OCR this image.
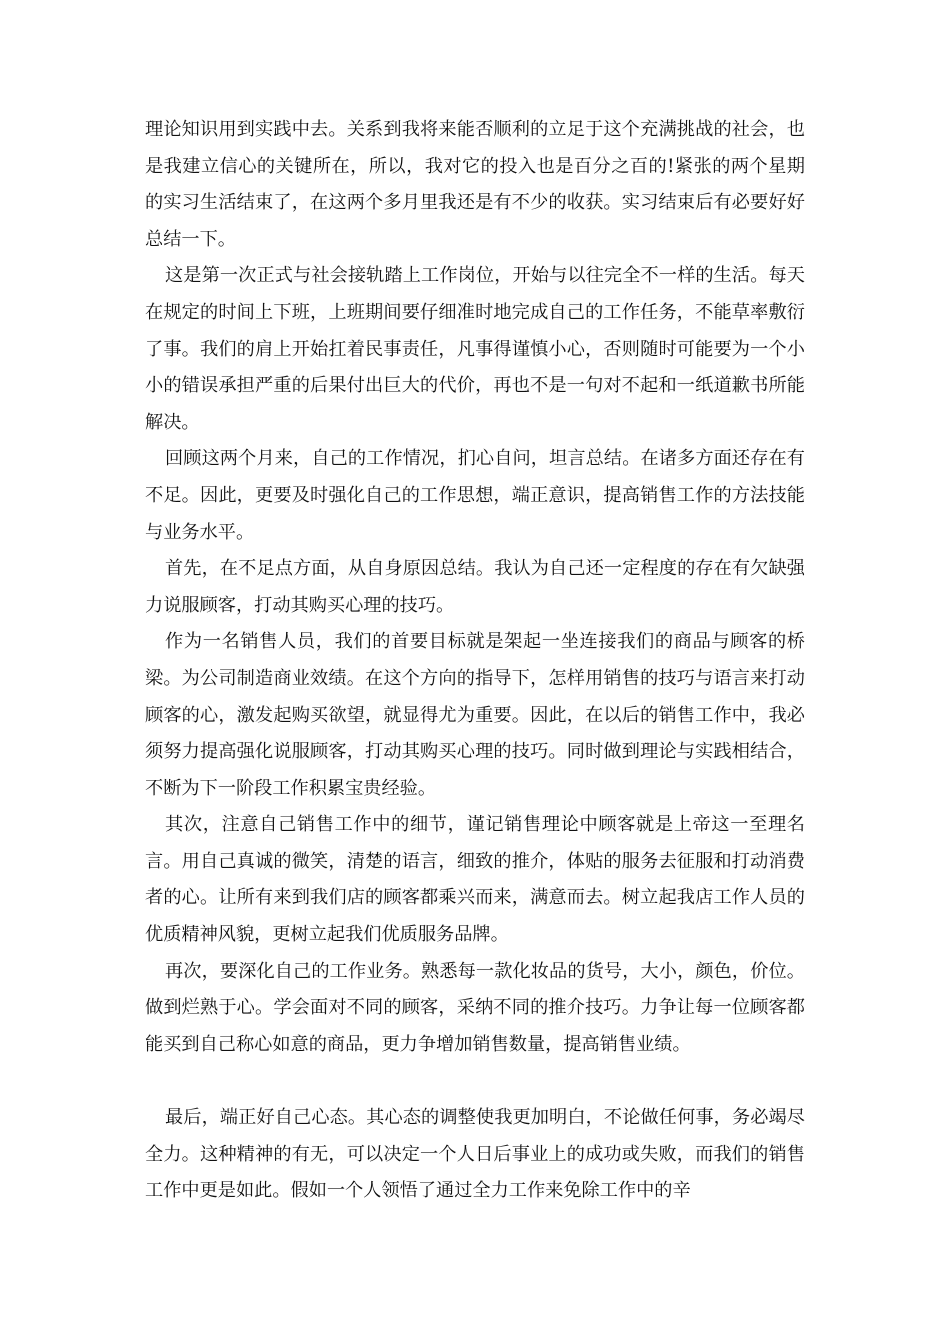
理论知识用到实践中去。关系到我将来能否顺利的立足于这个充满挑战的社会，也是我建立信心的关键所在，所以，我对它的投入也是百分之百的!紧张的两个星期的实习生活结束了，在这两个多月里我还是有不少的收获。实习结束后有必要好好总结一下。

这是第一次正式与社会接轨踏上工作岗位，开始与以往完全不一样的生活。每天在规定的时间上下班，上班期间要仔细准时地完成自己的工作任务，不能草率敷衍了事。我们的肩上开始扛着民事责任，凡事得谨慎小心，否则随时可能要为一个小小的错误承担严重的后果付出巨大的代价，再也不是一句对不起和一纸道歉书所能解决。

回顾这两个月来，自己的工作情况，扪心自问，坦言总结。在诸多方面还存在有不足。因此，更要及时强化自己的工作思想，端正意识，提高销售工作的方法技能与业务水平。

首先，在不足点方面，从自身原因总结。我认为自己还一定程度的存在有欠缺强力说服顾客，打动其购买心理的技巧。

作为一名销售人员，我们的首要目标就是架起一坐连接我们的商品与顾客的桥梁。为公司制造商业效绩。在这个方向的指导下，怎样用销售的技巧与语言来打动顾客的心，激发起购买欲望，就显得尤为重要。因此，在以后的销售工作中，我必须努力提高强化说服顾客，打动其购买心理的技巧。同时做到理论与实践相结合，不断为下一阶段工作积累宝贵经验。

其次，注意自己销售工作中的细节，谨记销售理论中顾客就是上帝这一至理名言。用自己真诚的微笑，清楚的语言，细致的推介，体贴的服务去征服和打动消费者的心。让所有来到我们店的顾客都乘兴而来，满意而去。树立起我店工作人员的优质精神风貌，更树立起我们优质服务品牌。

再次，要深化自己的工作业务。熟悉每一款化妆品的货号，大小，颜色，价位。做到烂熟于心。学会面对不同的顾客，采纳不同的推介技巧。力争让每一位顾客都能买到自己称心如意的商品，更力争增加销售数量，提高销售业绩。

最后，端正好自己心态。其心态的调整使我更加明白，不论做任何事，务必竭尽全力。这种精神的有无，可以决定一个人日后事业上的成功或失败，而我们的销售工作中更是如此。假如一个人领悟了通过全力工作来免除工作中的辛
